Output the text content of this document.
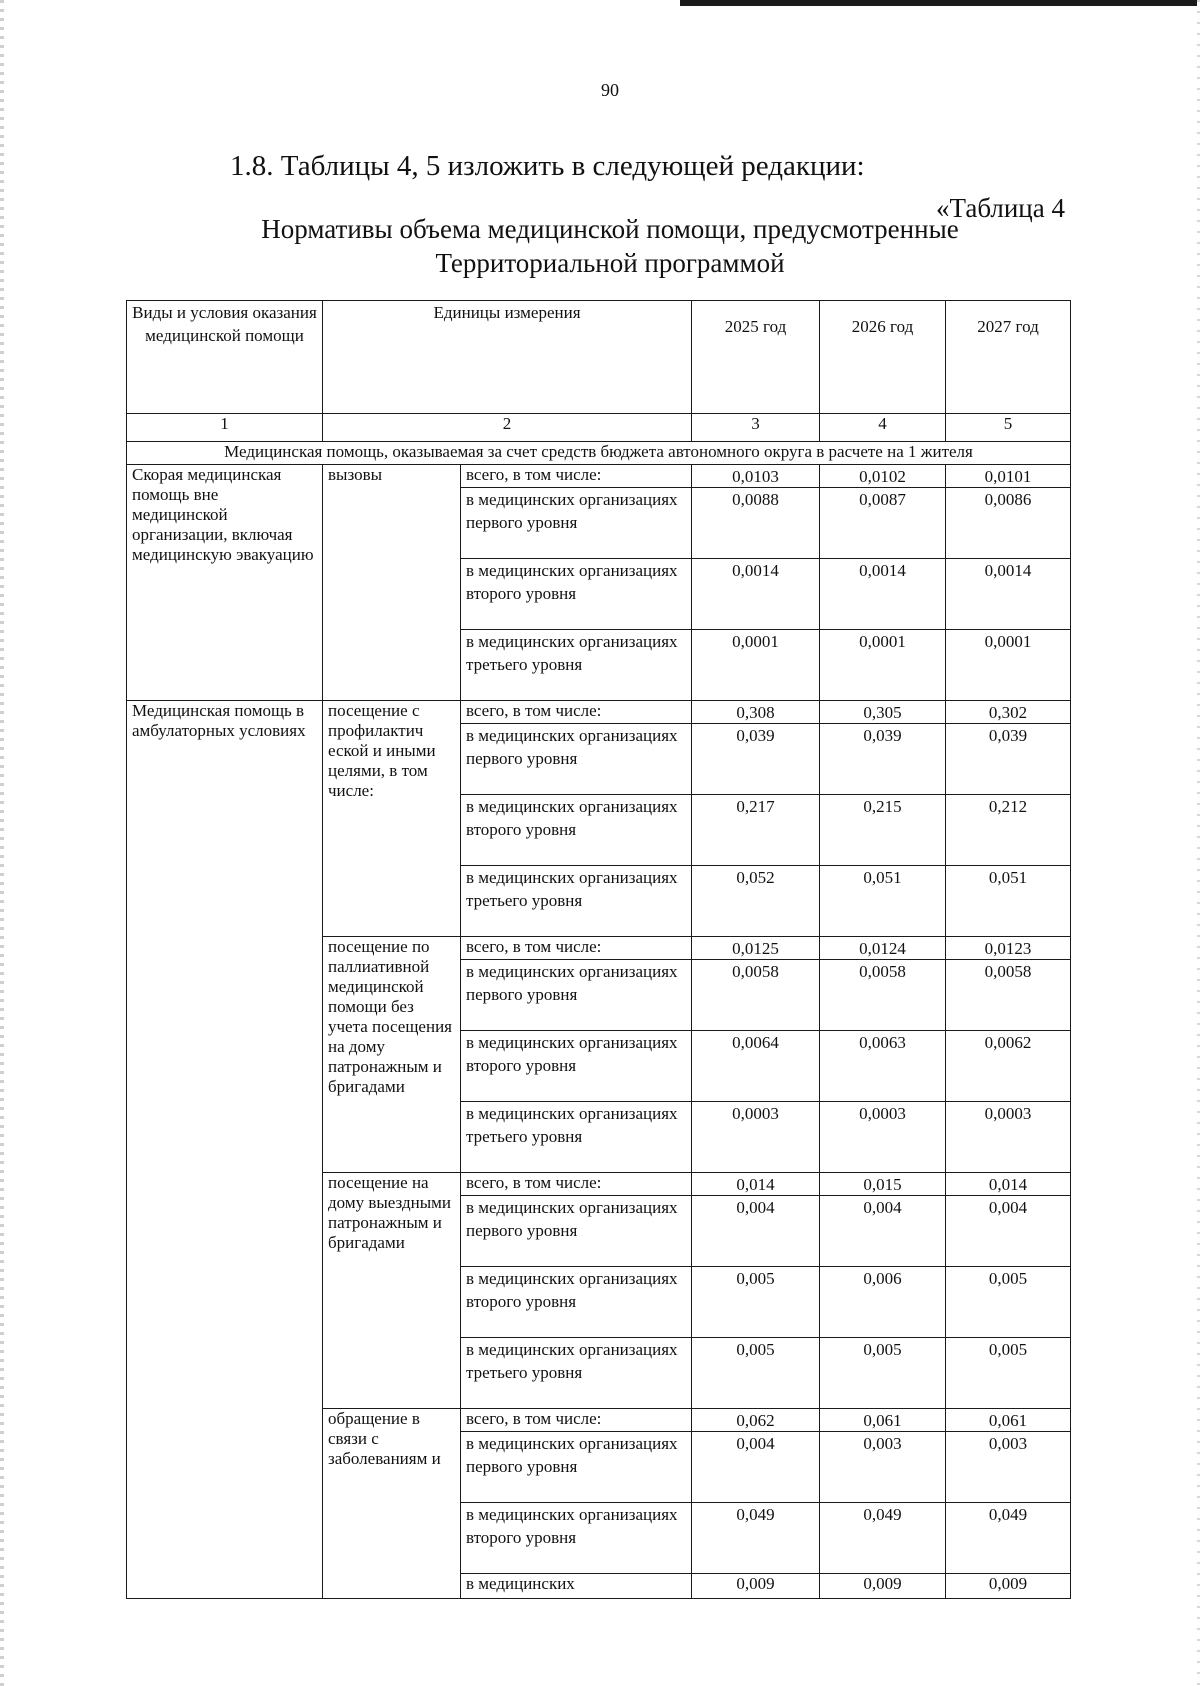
90
1.8. Таблицы 4, 5 изложить в следующей редакции:
«Таблица 4
Нормативы объема медицинской помощи, предусмотренные
Территориальной программой
Виды и условия оказания медицинской помощи	Единицы измерения		2025 год	2026 год	2027 год
1	2		3	4	5
Медицинская помощь, оказываемая за счет средств бюджета автономного округа в расчете на 1 жителя					
Скорая медицинская помощь вне медицинской организации, включая медицинскую эвакуацию	вызовы	всего, в том числе:	0,0103	0,0102	0,0101
		в медицинских организациях первого уровня	0,0088	0,0087	0,0086
		в медицинских организациях второго уровня	0,0014	0,0014	0,0014
		в медицинских организациях третьего уровня	0,0001	0,0001	0,0001
Медицинская помощь в амбулаторных условиях	посещение с профилактич еской и иными целями, в том числе:	всего, в том числе:	0,308	0,305	0,302
		в медицинских организациях первого уровня	0,039	0,039	0,039
		в медицинских организациях второго уровня	0,217	0,215	0,212
		в медицинских организациях третьего уровня	0,052	0,051	0,051
	посещение по паллиативной медицинской помощи без учета посещения на дому патронажным и бригадами	всего, в том числе:	0,0125	0,0124	0,0123
		в медицинских организациях первого уровня	0,0058	0,0058	0,0058
		в медицинских организациях второго уровня	0,0064	0,0063	0,0062
		в медицинских организациях третьего уровня	0,0003	0,0003	0,0003
	посещение на дому выездными патронажным и бригадами	всего, в том числе:	0,014	0,015	0,014
		в медицинских организациях первого уровня	0,004	0,004	0,004
		в медицинских организациях второго уровня	0,005	0,006	0,005
		в медицинских организациях третьего уровня	0,005	0,005	0,005
	обращение в связи с заболеваниям и	всего, в том числе:	0,062	0,061	0,061
		в медицинских организациях первого уровня	0,004	0,003	0,003
		в медицинских организациях второго уровня	0,049	0,049	0,049
		в медицинских	0,009	0,009	0,009
